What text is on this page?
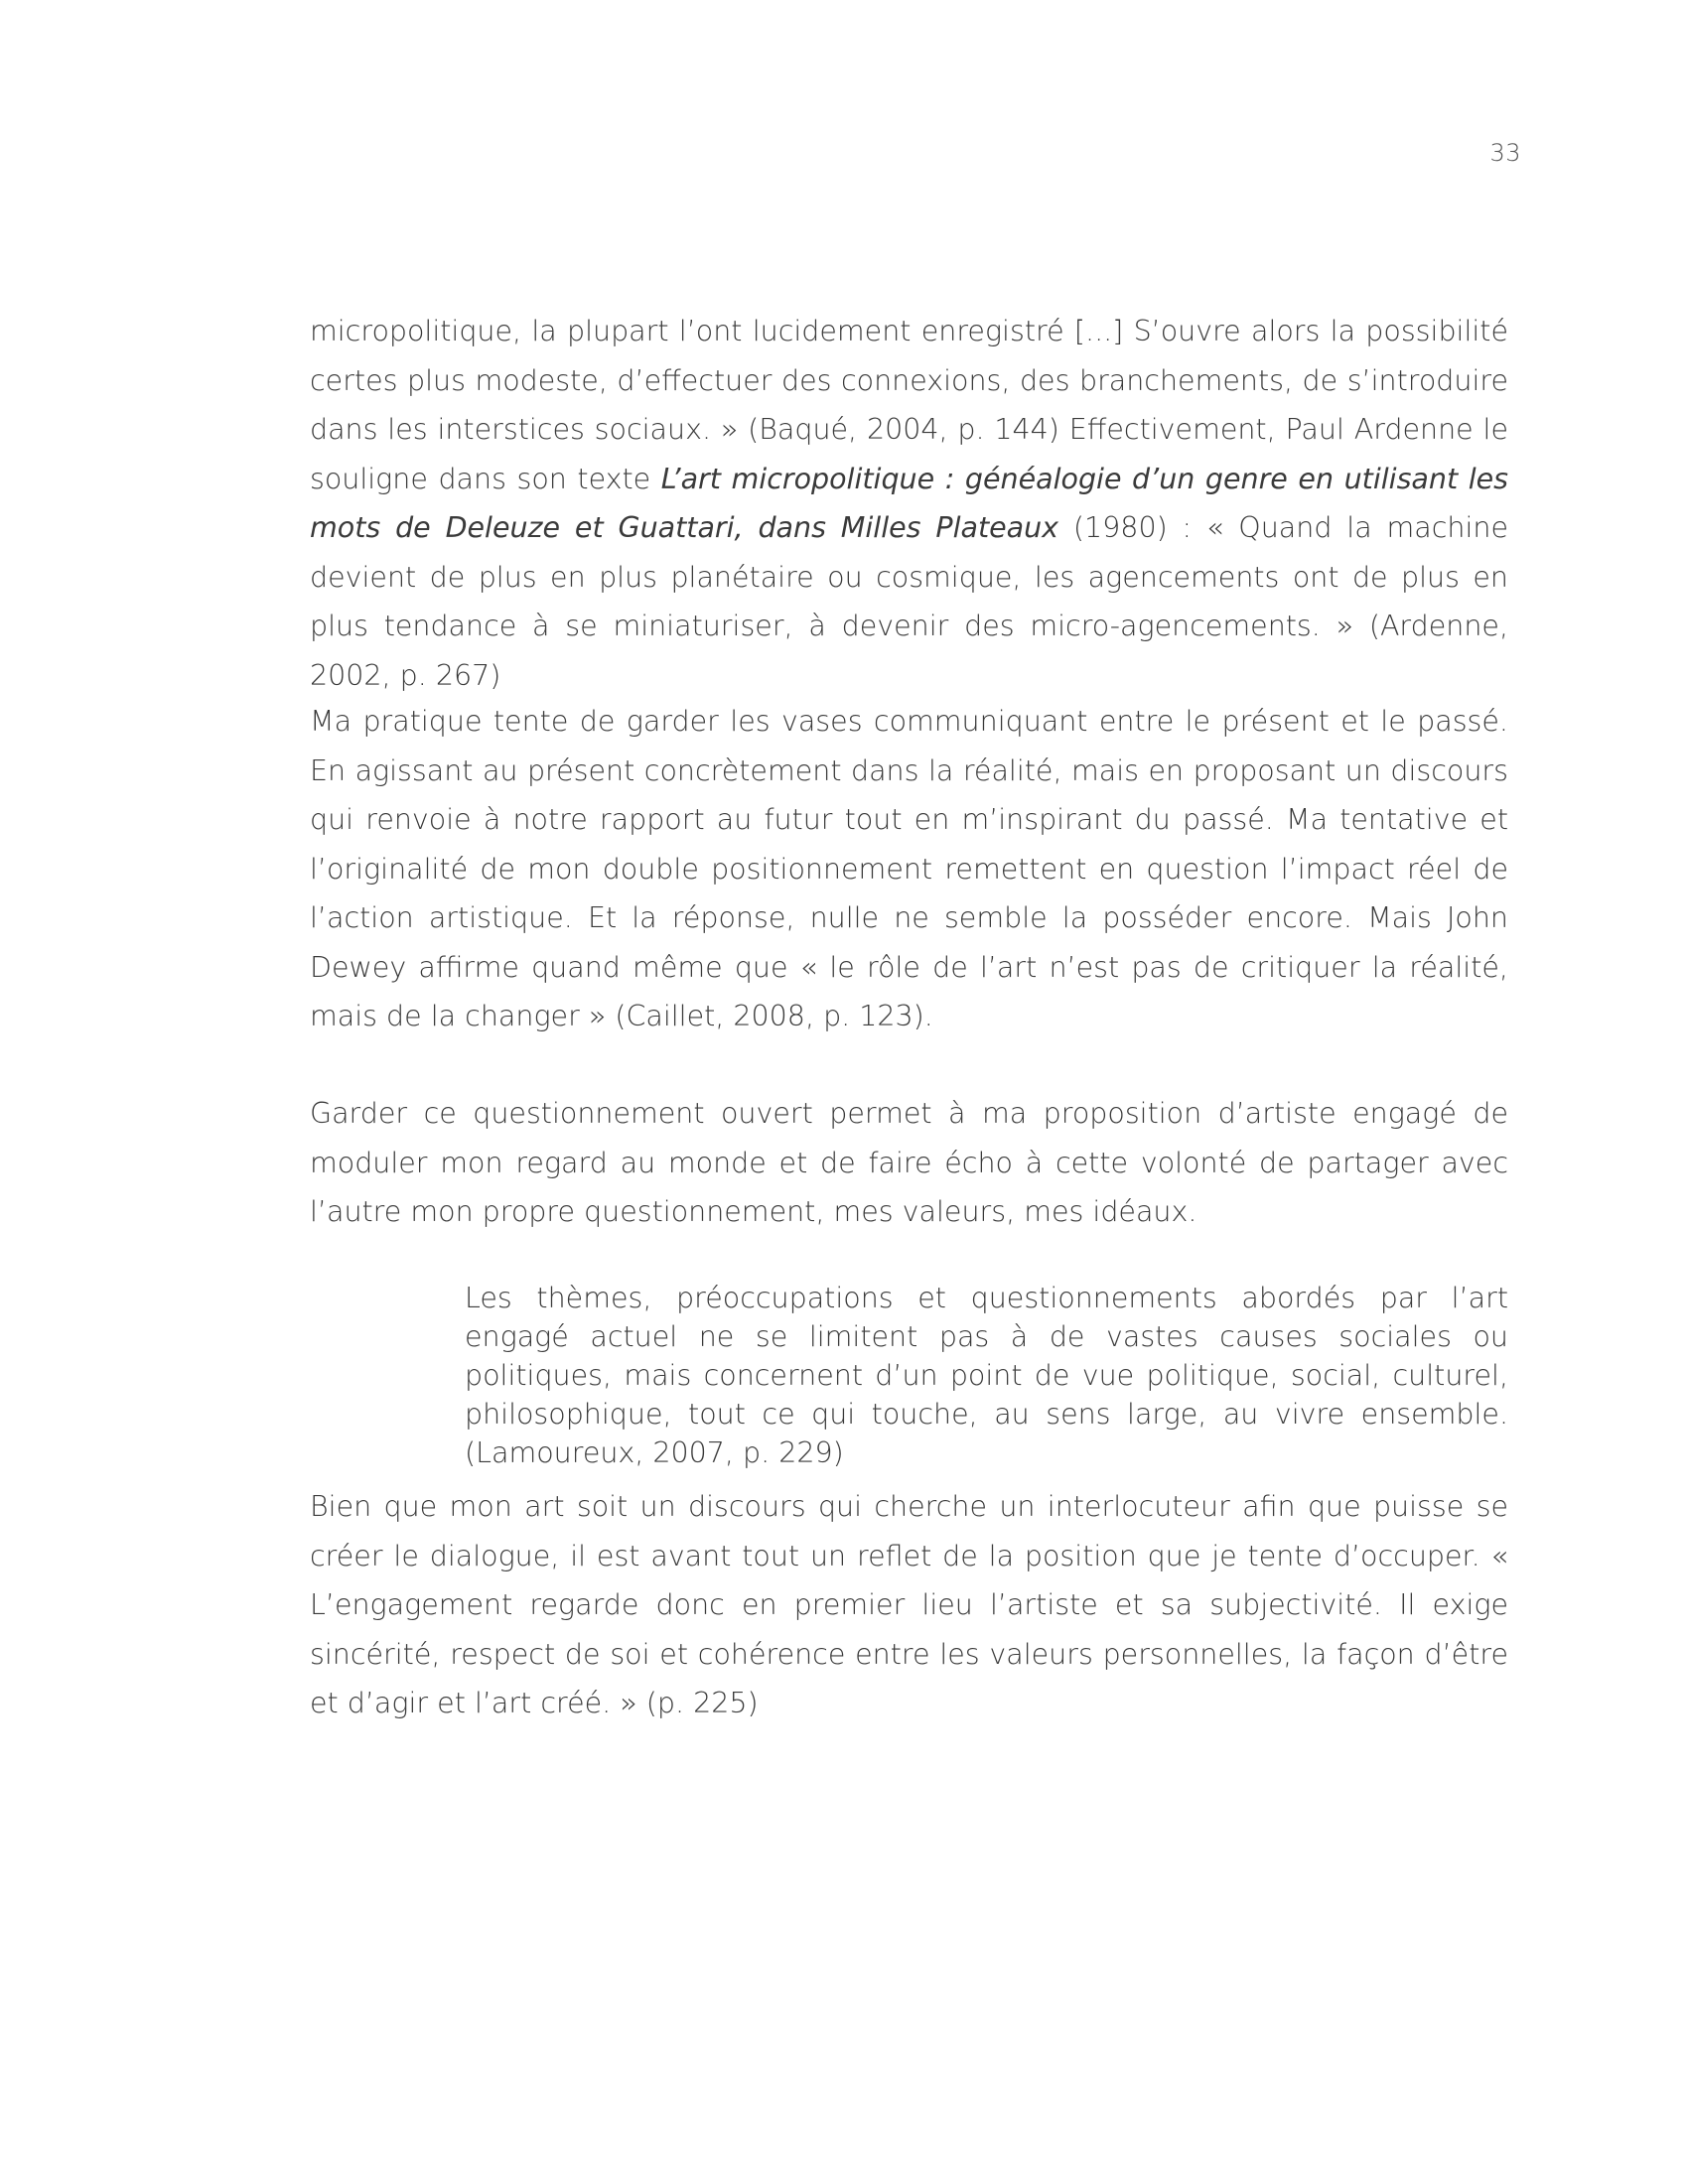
33

micropolitique, la plupart l’ont lucidement enregistré [...] S’ouvre alors la possibilité certes plus modeste, d’effectuer des connexions, des branchements, de s’introduire dans les interstices sociaux. » (Baqué, 2004, p. 144) Effectivement, Paul Ardenne le souligne dans son texte L’art micropolitique : généalogie d’un genre en utilisant les mots de Deleuze et Guattari, dans Milles Plateaux (1980) : « Quand la machine devient de plus en plus planétaire ou cosmique, les agencements ont de plus en plus tendance à se miniaturiser, à devenir des micro-agencements. » (Ardenne, 2002, p. 267)

Ma pratique tente de garder les vases communiquant entre le présent et le passé. En agissant au présent concrètement dans la réalité, mais en proposant un discours qui renvoie à notre rapport au futur tout en m’inspirant du passé. Ma tentative et l’originalité de mon double positionnement remettent en question l’impact réel de l’action artistique. Et la réponse, nulle ne semble la posséder encore. Mais John Dewey affirme quand même que « le rôle de l’art n’est pas de critiquer la réalité, mais de la changer » (Caillet, 2008, p. 123).

Garder ce questionnement ouvert permet à ma proposition d’artiste engagé de moduler mon regard au monde et de faire écho à cette volonté de partager avec l’autre mon propre questionnement, mes valeurs, mes idéaux.

Les thèmes, préoccupations et questionnements abordés par l’art engagé actuel ne se limitent pas à de vastes causes sociales ou politiques, mais concernent d’un point de vue politique, social, culturel, philosophique, tout ce qui touche, au sens large, au vivre ensemble. (Lamoureux, 2007, p. 229)

Bien que mon art soit un discours qui cherche un interlocuteur afin que puisse se créer le dialogue, il est avant tout un reflet de la position que je tente d’occuper. « L’engagement regarde donc en premier lieu l’artiste et sa subjectivité. Il exige sincérité, respect de soi et cohérence entre les valeurs personnelles, la façon d’être et d’agir et l’art créé. » (p. 225)
